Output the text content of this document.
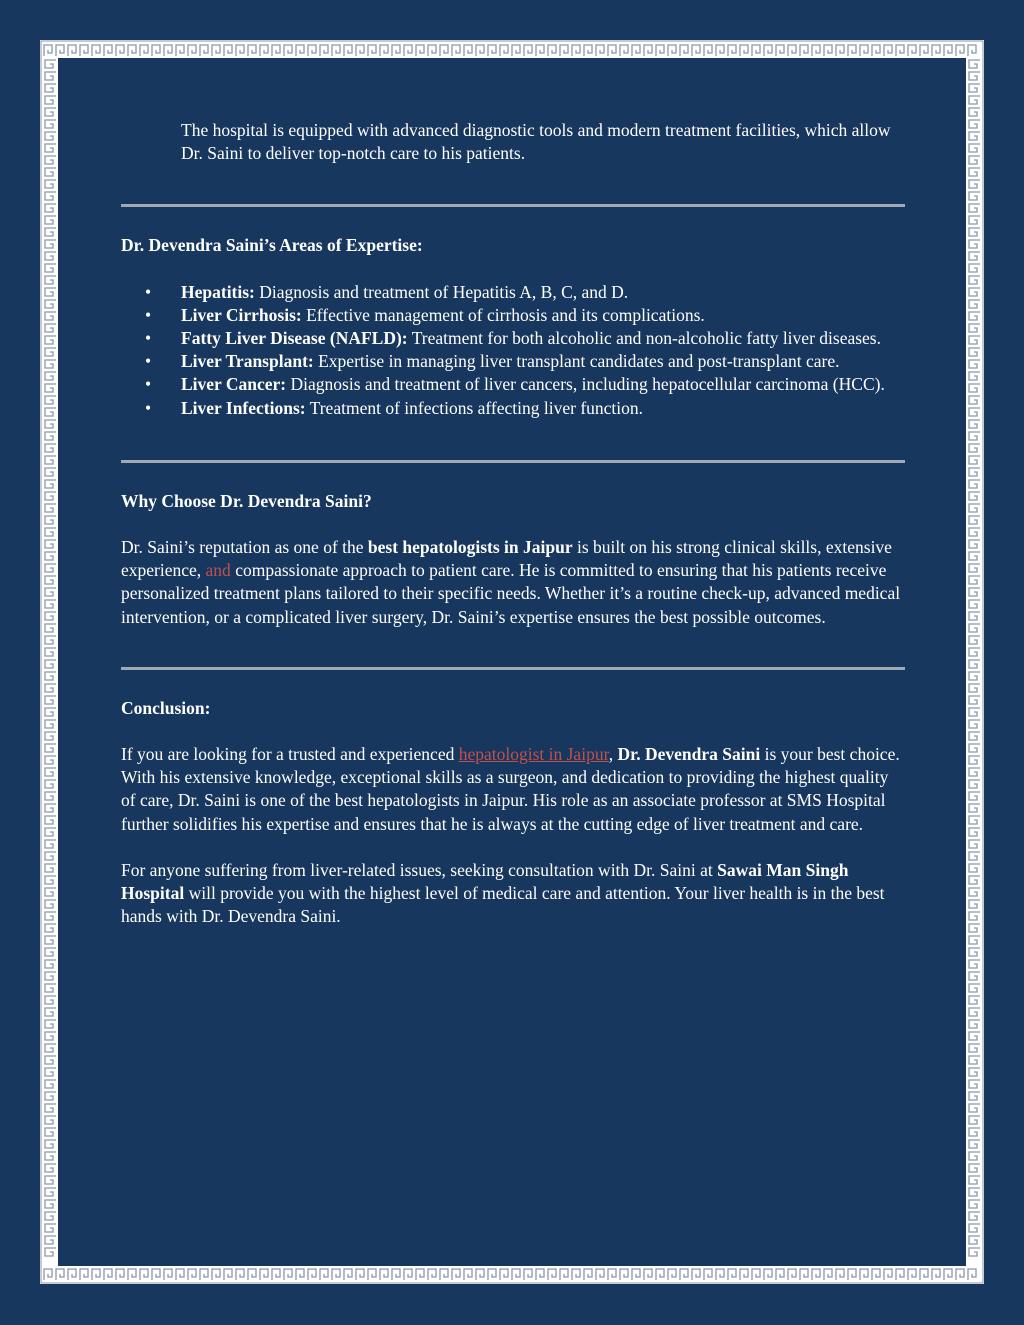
The hospital is equipped with advanced diagnostic tools and modern treatment facilities, which allow Dr. Saini to deliver top-notch care to his patients.

Dr. Devendra Saini’s Areas of Expertise:
• Hepatitis: Diagnosis and treatment of Hepatitis A, B, C, and D.
• Liver Cirrhosis: Effective management of cirrhosis and its complications.
• Fatty Liver Disease (NAFLD): Treatment for both alcoholic and non-alcoholic fatty liver diseases.
• Liver Transplant: Expertise in managing liver transplant candidates and post-transplant care.
• Liver Cancer: Diagnosis and treatment of liver cancers, including hepatocellular carcinoma (HCC).
• Liver Infections: Treatment of infections affecting liver function.
Why Choose Dr. Devendra Saini?

Dr. Saini’s reputation as one of the best hepatologists in Jaipur is built on his strong clinical skills, extensive experience, and compassionate approach to patient care. He is committed to ensuring that his patients receive personalized treatment plans tailored to their specific needs. Whether it’s a routine check-up, advanced medical intervention, or a complicated liver surgery, Dr. Saini’s expertise ensures the best possible outcomes.

Conclusion:

If you are looking for a trusted and experienced hepatologist in Jaipur, Dr. Devendra Saini is your best choice. With his extensive knowledge, exceptional skills as a surgeon, and dedication to providing the highest quality of care, Dr. Saini is one of the best hepatologists in Jaipur. His role as an associate professor at SMS Hospital further solidifies his expertise and ensures that he is always at the cutting edge of liver treatment and care.

For anyone suffering from liver-related issues, seeking consultation with Dr. Saini at Sawai Man Singh Hospital will provide you with the highest level of medical care and attention. Your liver health is in the best hands with Dr. Devendra Saini.
